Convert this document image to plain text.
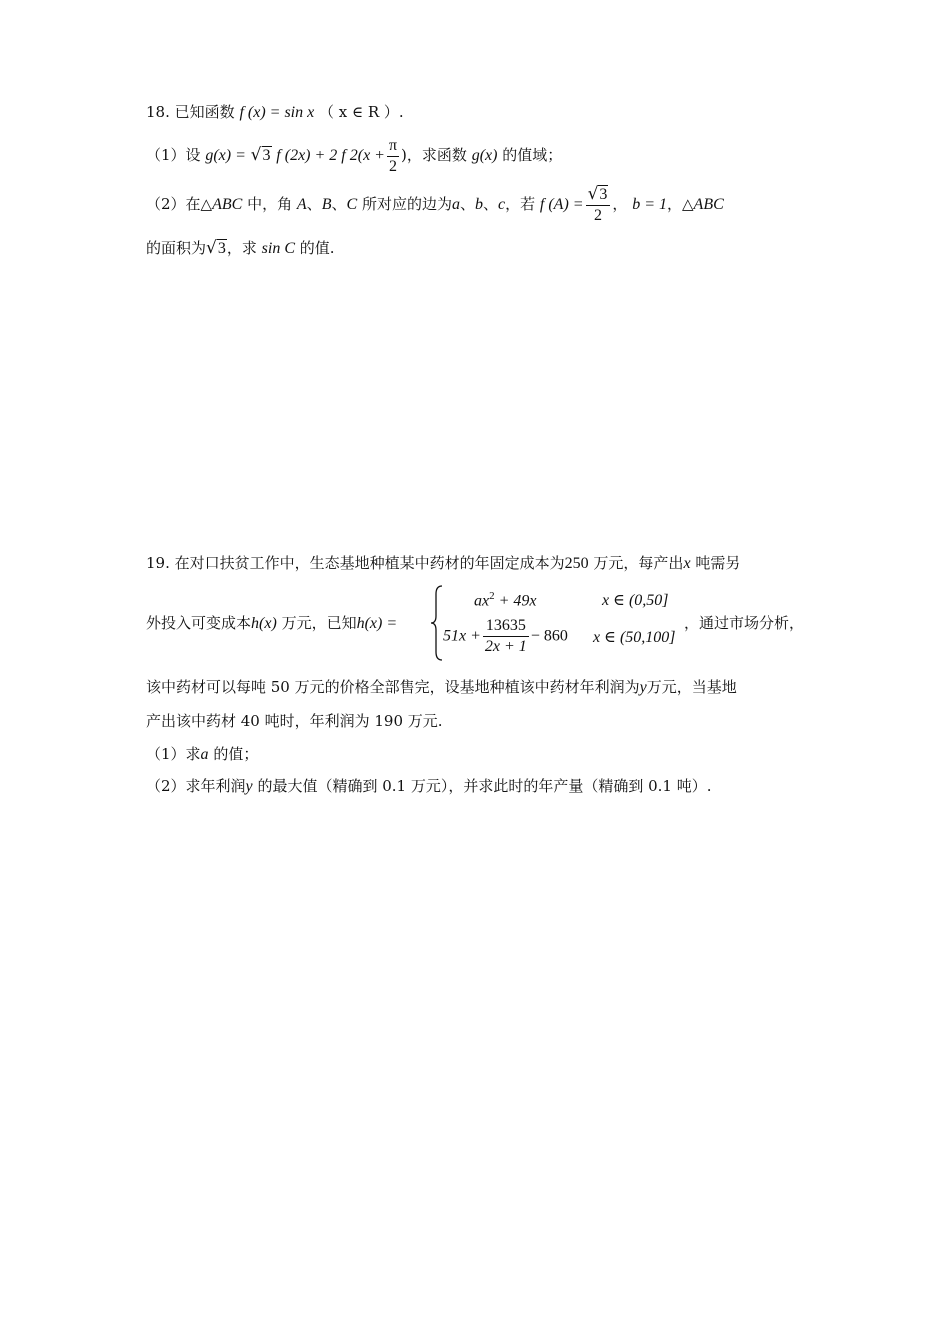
18. 已知函数 f (x) = sin x （ x ∈ R ）.
（1）设 g(x) = √3 f (2x) + 2 f $2(x + \frac{\pi}{2}$ )，求函数 g(x) 的值域；
（2）在△ABC 中，角 A、B、C 所对应的边为a、b、c，若 f $(A) = \frac{√3}{2}$ ， b = 1，△ABC
的面积为√3，求 sin C 的值.
19. 在对口扶贫工作中，生态基地种植某中药材的年固定成本为250 万元，每产出x 吨需另
外投入可变成本h(x) 万元，已知h(x) =
$ax^2 + 49x$	x ∈ (0,50]
$51x + \frac{13635}{2x + 1} - 860$ x ∈ (50,100]
，通过市场分析，
该中药材可以每吨 50 万元的价格全部售完，设基地种植该中药材年利润为y万元，当基地
产出该中药材 40 吨时，年利润为 190 万元.
（1）求a 的值；
（2）求年利润y 的最大值（精确到 0.1 万元），并求此时的年产量（精确到 0.1 吨）.
